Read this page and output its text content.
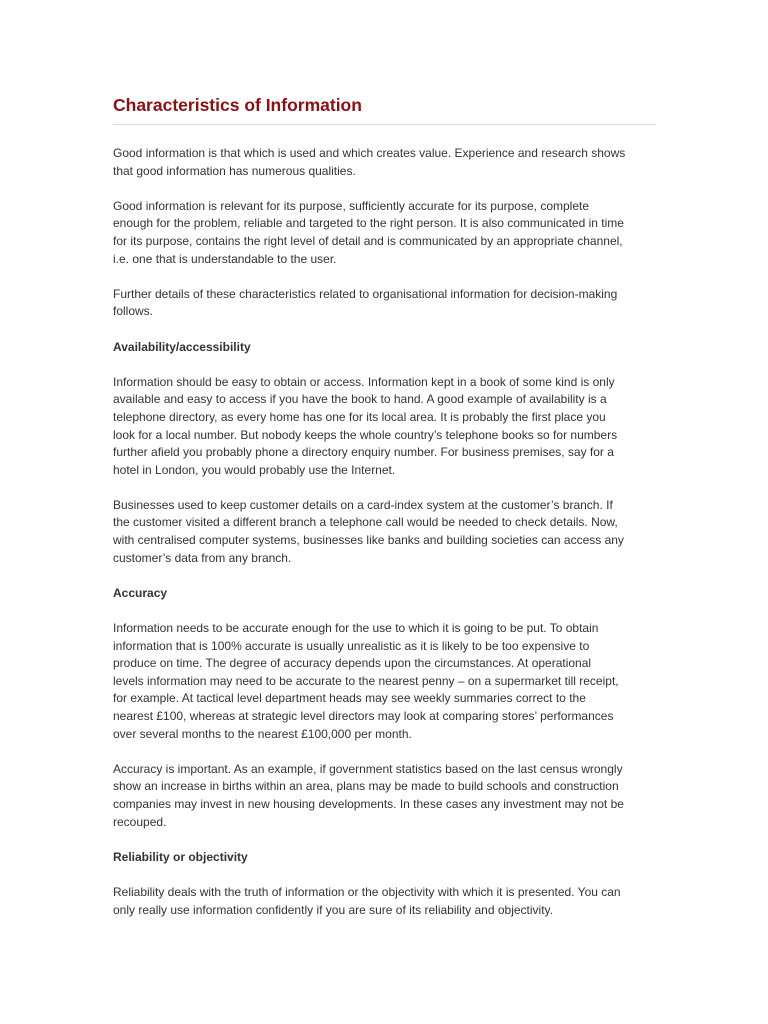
Characteristics of Information

Good information is that which is used and which creates value. Experience and research shows
that good information has numerous qualities.

Good information is relevant for its purpose, sufficiently accurate for its purpose, complete
enough for the problem, reliable and targeted to the right person. It is also communicated in time
for its purpose, contains the right level of detail and is communicated by an appropriate channel,
i.e. one that is understandable to the user.

Further details of these characteristics related to organisational information for decision-making
follows.

Availability/accessibility

Information should be easy to obtain or access. Information kept in a book of some kind is only
available and easy to access if you have the book to hand. A good example of availability is a
telephone directory, as every home has one for its local area. It is probably the first place you
look for a local number. But nobody keeps the whole country’s telephone books so for numbers
further afield you probably phone a directory enquiry number. For business premises, say for a
hotel in London, you would probably use the Internet.

Businesses used to keep customer details on a card-index system at the customer’s branch. If
the customer visited a different branch a telephone call would be needed to check details. Now,
with centralised computer systems, businesses like banks and building societies can access any
customer’s data from any branch.

Accuracy

Information needs to be accurate enough for the use to which it is going to be put. To obtain
information that is 100% accurate is usually unrealistic as it is likely to be too expensive to
produce on time. The degree of accuracy depends upon the circumstances. At operational
levels information may need to be accurate to the nearest penny – on a supermarket till receipt,
for example. At tactical level department heads may see weekly summaries correct to the
nearest £100, whereas at strategic level directors may look at comparing stores’ performances
over several months to the nearest £100,000 per month.

Accuracy is important. As an example, if government statistics based on the last census wrongly
show an increase in births within an area, plans may be made to build schools and construction
companies may invest in new housing developments. In these cases any investment may not be
recouped.

Reliability or objectivity

Reliability deals with the truth of information or the objectivity with which it is presented. You can
only really use information confidently if you are sure of its reliability and objectivity.
